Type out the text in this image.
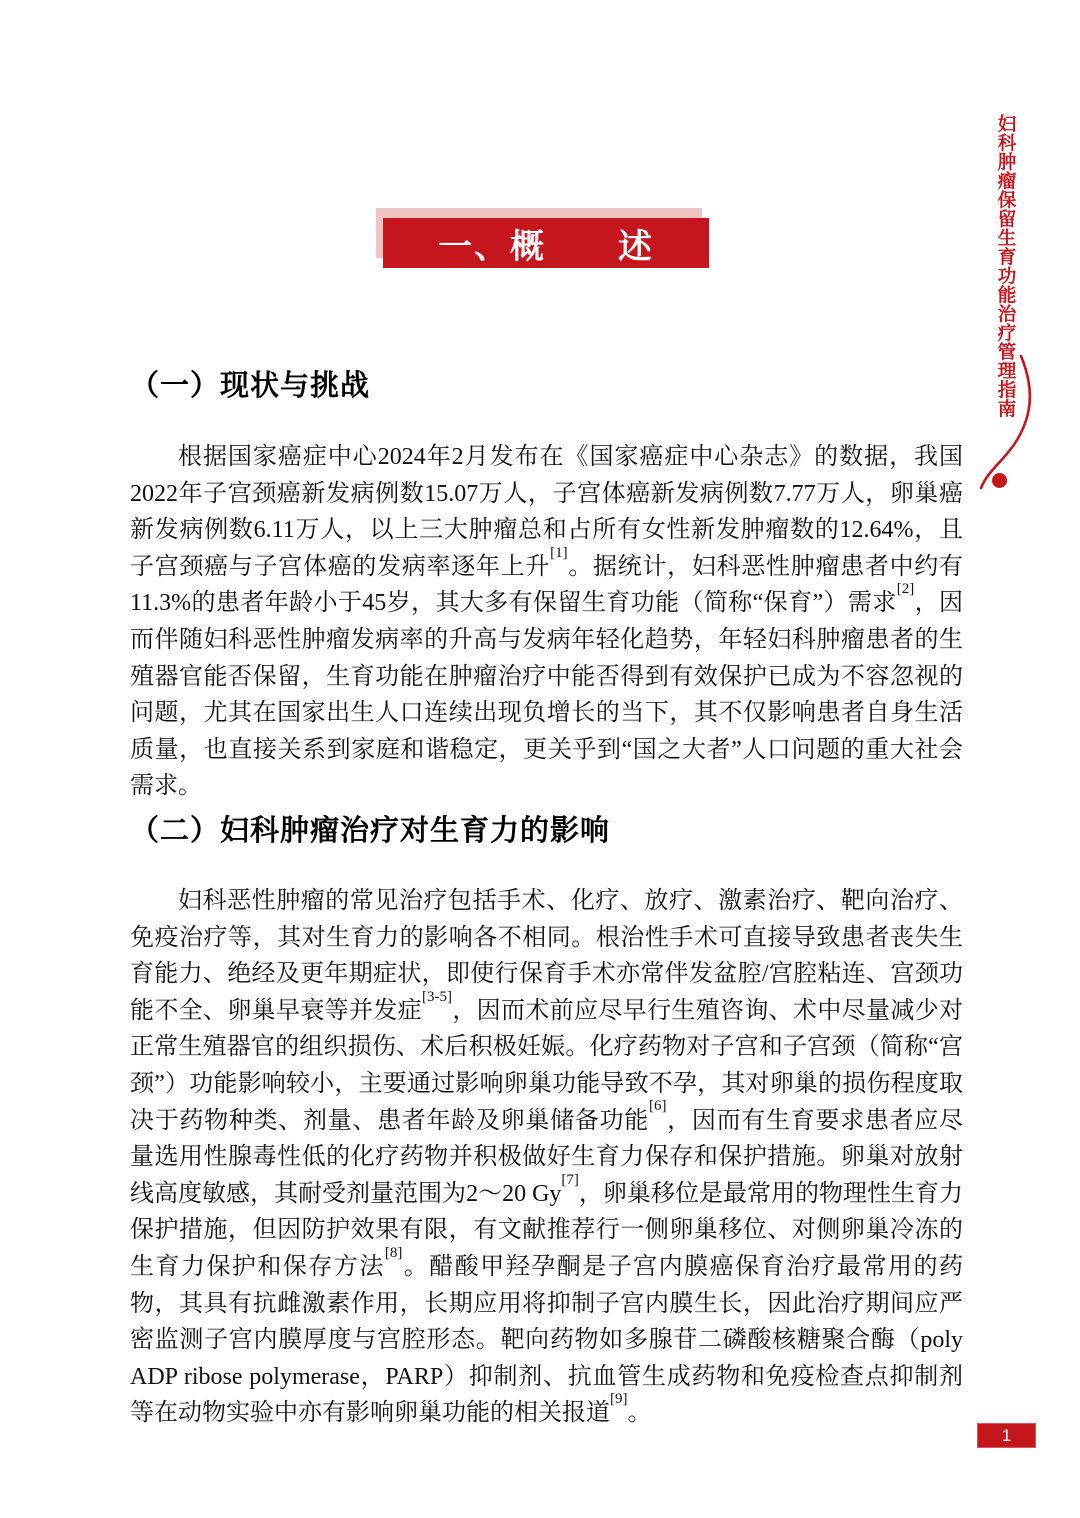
一、概　　述	妇科肿瘤保留生育功能治疗管理指南
（一）现状与挑战

根据国家癌症中心2024年2月发布在《国家癌症中心杂志》的数据，我国2022年子宫颈癌新发病例数15.07万人，子宫体癌新发病例数7.77万人，卵巢癌新发病例数6.11万人，以上三大肿瘤总和占所有女性新发肿瘤数的12.64%，且子宫颈癌与子宫体癌的发病率逐年上升[1]。据统计，妇科恶性肿瘤患者中约有11.3%的患者年龄小于45岁，其大多有保留生育功能（简称“保育”）需求[2]，因而伴随妇科恶性肿瘤发病率的升高与发病年轻化趋势，年轻妇科肿瘤患者的生殖器官能否保留，生育功能在肿瘤治疗中能否得到有效保护已成为不容忽视的问题，尤其在国家出生人口连续出现负增长的当下，其不仅影响患者自身生活质量，也直接关系到家庭和谐稳定，更关乎到“国之大者”人口问题的重大社会需求。

（二）妇科肿瘤治疗对生育力的影响

妇科恶性肿瘤的常见治疗包括手术、化疗、放疗、激素治疗、靶向治疗、免疫治疗等，其对生育力的影响各不相同。根治性手术可直接导致患者丧失生育能力、绝经及更年期症状，即使行保育手术亦常伴发盆腔/宫腔粘连、宫颈功能不全、卵巢早衰等并发症[3-5]，因而术前应尽早行生殖咨询、术中尽量减少对正常生殖器官的组织损伤、术后积极妊娠。化疗药物对子宫和子宫颈（简称“宫颈”）功能影响较小，主要通过影响卵巢功能导致不孕，其对卵巢的损伤程度取决于药物种类、剂量、患者年龄及卵巢储备功能[6]，因而有生育要求患者应尽量选用性腺毒性低的化疗药物并积极做好生育力保存和保护措施。卵巢对放射线高度敏感，其耐受剂量范围为2～20 Gy[7]，卵巢移位是最常用的物理性生育力保护措施，但因防护效果有限，有文献推荐行一侧卵巢移位、对侧卵巢冷冻的生育力保护和保存方法[8]。醋酸甲羟孕酮是子宫内膜癌保育治疗最常用的药物，其具有抗雌激素作用，长期应用将抑制子宫内膜生长，因此治疗期间应严密监测子宫内膜厚度与宫腔形态。靶向药物如多腺苷二磷酸核糖聚合酶（poly ADP ribose polymerase，PARP）抑制剂、抗血管生成药物和免疫检查点抑制剂等在动物实验中亦有影响卵巢功能的相关报道[9]。

1
